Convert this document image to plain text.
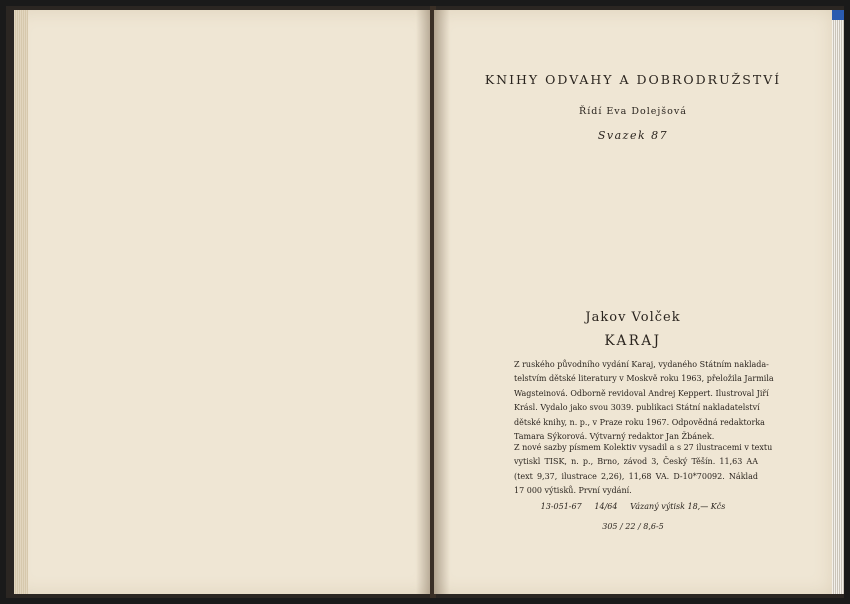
KNIHY ODVAHY A DOBRODRUŽSTVÍ
Řídí Eva Dolejšová
Svazek 87
Jakov Volček
KARAJ
Z ruského původního vydání Karaj, vydaného Státním naklada-
telstvím dětské literatury v Moskvě roku 1963, přeložila Jarmila
Wagsteinová. Odborně revidoval Andrej Keppert. Ilustroval Jiří
Krásl. Vydalo jako svou 3039. publikaci Státní nakladatelství
dětské knihy, n. p., v Praze roku 1967. Odpovědná redaktorka
Tamara Sýkorová. Výtvarný redaktor Jan Žbánek.
Z nové sazby písmem Kolektiv vysadil a s 27 ilustracemi v textu
vytiskl TISK, n. p., Brno, závod 3, Český Těšín. 11,63 AA
(text 9,37, ilustrace 2,26), 11,68 VA. D-10*70092. Náklad
17 000 výtisků. První vydání.
13-051-67     14/64     Vázaný výtisk 18,— Kčs
305 / 22 / 8,6-5
